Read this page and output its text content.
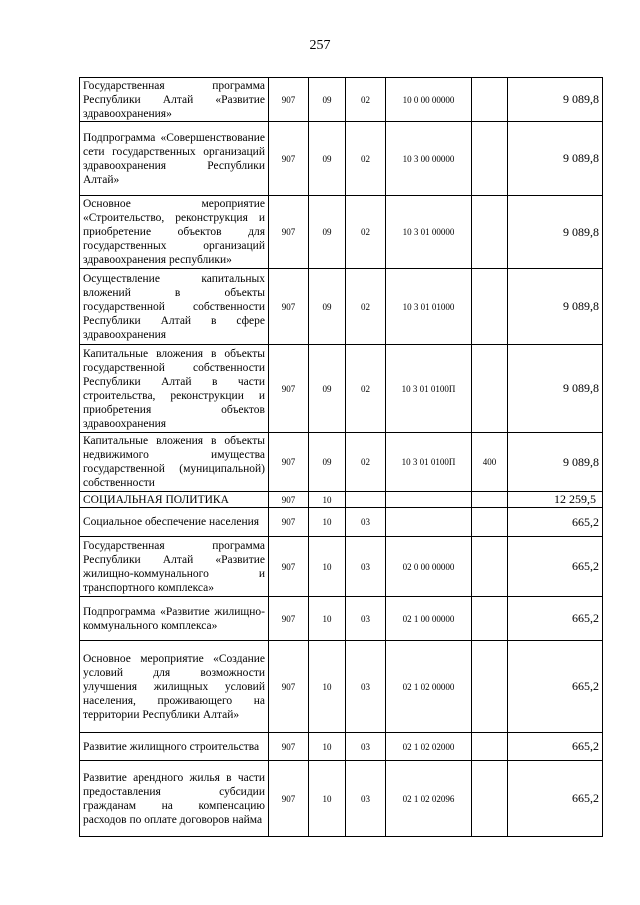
257
Государственная программа Республики Алтай «Развитие здравоохранения»	907	09	02	10 0 00 00000		9 089,8
Подпрограмма «Совершенствование сети государственных организаций здравоохранения Республики Алтай»	907	09	02	10 3 00 00000		9 089,8
Основное мероприятие «Строительство, реконструкция и приобретение объектов для государственных организаций здравоохранения республики»	907	09	02	10 3 01 00000		9 089,8
Осуществление капитальных вложений в объекты государственной собственности Республики Алтай в сфере здравоохранения	907	09	02	10 3 01 01000		9 089,8
Капитальные вложения в объекты государственной собственности Республики Алтай в части строительства, реконструкции и приобретения объектов здравоохранения	907	09	02	10 3 01 0100П		9 089,8
Капитальные вложения в объекты недвижимого имущества государственной (муниципальной) собственности	907	09	02	10 3 01 0100П	400	9 089,8
СОЦИАЛЬНАЯ ПОЛИТИКА	907	10				12 259,5
Социальное обеспечение населения	907	10	03			665,2
Государственная программа Республики Алтай «Развитие жилищно-коммунального и транспортного комплекса»	907	10	03	02 0 00 00000		665,2
Подпрограмма «Развитие жилищно-коммунального комплекса»	907	10	03	02 1 00 00000		665,2
Основное мероприятие «Создание условий для возможности улучшения жилищных условий населения, проживающего на территории Республики Алтай»	907	10	03	02 1 02 00000		665,2
Развитие жилищного строительства	907	10	03	02 1 02 02000		665,2
Развитие арендного жилья в части предоставления субсидии гражданам на компенсацию расходов по оплате договоров найма	907	10	03	02 1 02 02096		665,2
